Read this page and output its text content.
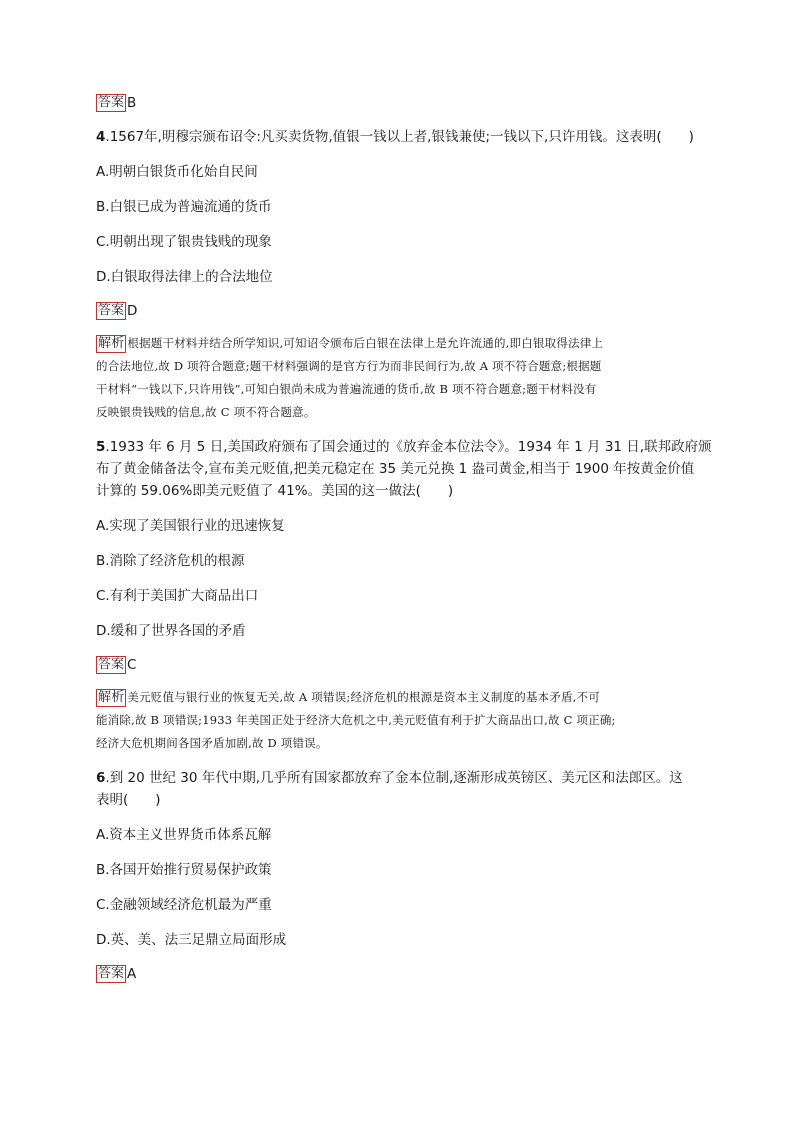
答案 B
4.1567年,明穆宗颁布诏令:凡买卖货物,值银一钱以上者,银钱兼使;一钱以下,只许用钱。这表明(　　)
A.明朝白银货币化始自民间
B.白银已成为普遍流通的货币
C.明朝出现了银贵钱贱的现象
D.白银取得法律上的合法地位
答案 D
解析 根据题干材料并结合所学知识,可知诏令颁布后白银在法律上是允许流通的,即白银取得法律上
的合法地位,故 D 项符合题意;题干材料强调的是官方行为而非民间行为,故 A 项不符合题意;根据题
干材料“一钱以下,只许用钱”,可知白银尚未成为普遍流通的货币,故 B 项不符合题意;题干材料没有
反映银贵钱贱的信息,故 C 项不符合题意。
5.1933 年 6 月 5 日,美国政府颁布了国会通过的《放弃金本位法令》。1934 年 1 月 31 日,联邦政府颁
布了黄金储备法令,宣布美元贬值,把美元稳定在 35 美元兑换 1 盎司黄金,相当于 1900 年按黄金价值
计算的 59.06%即美元贬值了 41%。美国的这一做法(　　)
A.实现了美国银行业的迅速恢复
B.消除了经济危机的根源
C.有利于美国扩大商品出口
D.缓和了世界各国的矛盾
答案 C
解析 美元贬值与银行业的恢复无关,故 A 项错误;经济危机的根源是资本主义制度的基本矛盾,不可
能消除,故 B 项错误;1933 年美国正处于经济大危机之中,美元贬值有利于扩大商品出口,故 C 项正确;
经济大危机期间各国矛盾加剧,故 D 项错误。
6.到 20 世纪 30 年代中期,几乎所有国家都放弃了金本位制,逐渐形成英镑区、美元区和法郎区。这
表明(　　)
A.资本主义世界货币体系瓦解
B.各国开始推行贸易保护政策
C.金融领域经济危机最为严重
D.英、美、法三足鼎立局面形成
答案 A
